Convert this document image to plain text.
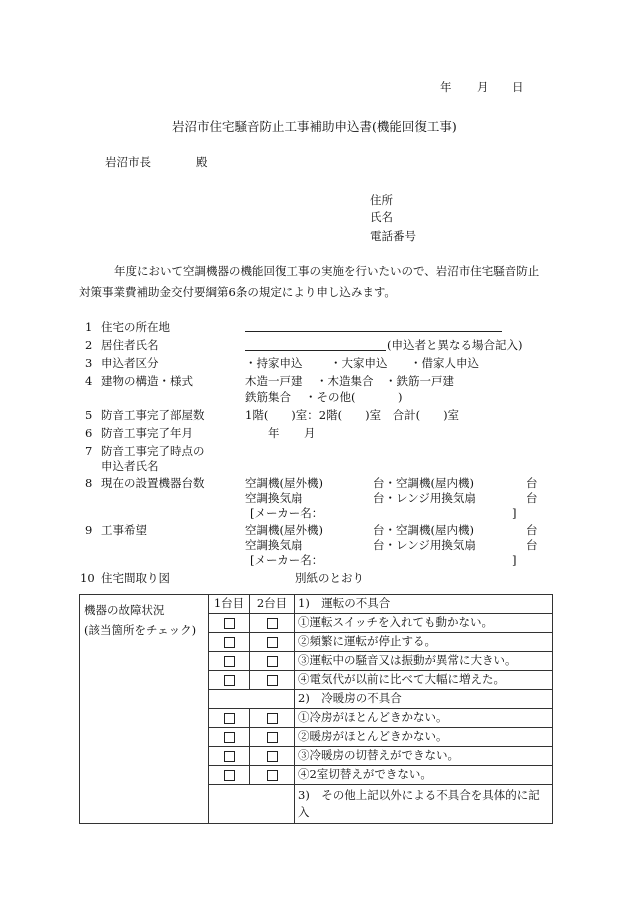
年 月 日
岩沼市住宅騒音防止工事補助申込書(機能回復工事)
岩沼市長	殿
住所
氏名
電話番号
年度において空調機器の機能回復工事の実施を行いたいので、岩沼市住宅騒音防止
対策事業費補助金交付要綱第6条の規定により申し込みます。
1 住宅の所在地
2 居住者氏名	(申込者と異なる場合記入)
3 申込者区分	・持家申込 ・大家申込 ・借家人申込
4 建物の構造・様式	木造一戸建 ・木造集合 ・鉄筋一戸建
鉄筋集合 ・その他(	)
5 防音工事完了部屋数	1階(　　)室：2階(　　)室　合計(　　)室
6 防音工事完了年月	年 月
7 防音工事完了時点の
申込者氏名
8 現在の設置機器台数	空調機(屋外機)	台・空調機(屋内機)	台
空調換気扇	台・レンジ用換気扇	台
[メーカー名：	]
9 工事希望	空調機(屋外機)	台・空調機(屋内機)	台
空調換気扇	台・レンジ用換気扇	台
[メーカー名：	]
10 住宅間取り図	別紙のとおり
機器の故障状況
(該当箇所をチェック)	1台目	2台目	1)　運転の不具合
			①運転スイッチを入れても動かない。
			②頻繁に運転が停止する。
			③運転中の騒音又は振動が異常に大きい。
			④電気代が以前に比べて大幅に増えた。
			2)　冷暖房の不具合
			①冷房がほとんどきかない。
			②暖房がほとんどきかない。
			③冷暖房の切替えができない。
			④2室切替えができない。
			3)　その他上記以外による不具合を具体的に記入
